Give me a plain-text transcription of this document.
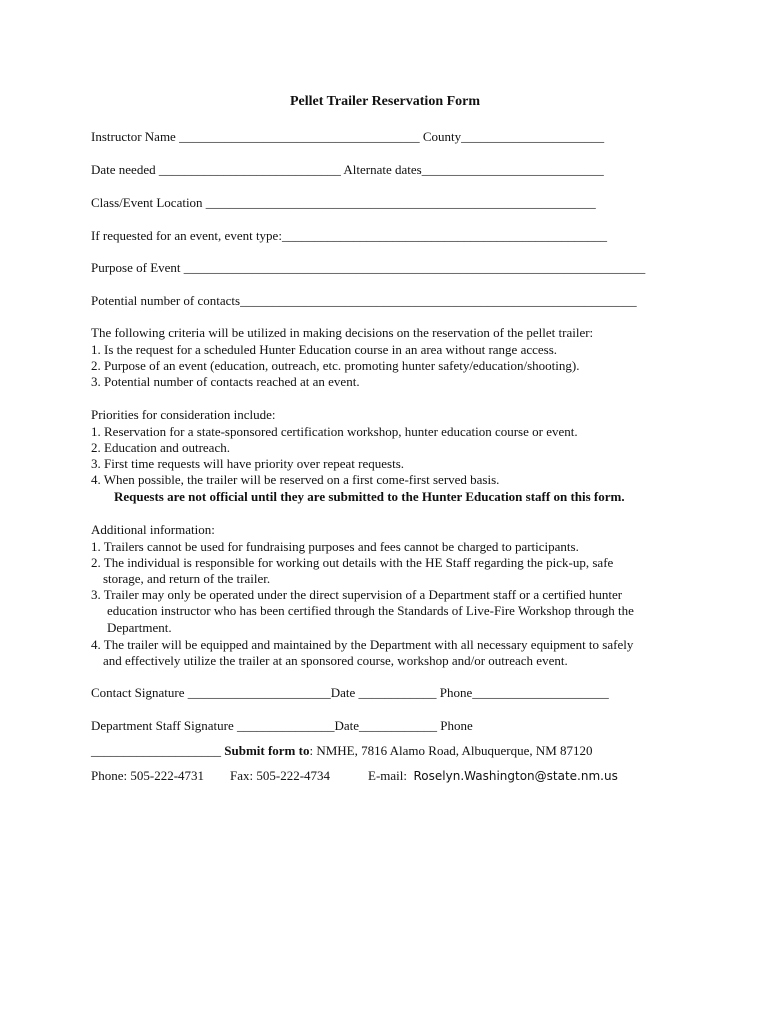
Pellet Trailer Reservation Form
Instructor Name _____________________________________ County______________________
Date needed ____________________________ Alternate dates____________________________
Class/Event Location ____________________________________________________________
If requested for an event, event type:__________________________________________________
Purpose of Event _______________________________________________________________________
Potential number of contacts_____________________________________________________________
The following criteria will be utilized in making decisions on the reservation of the pellet trailer:
1. Is the request for a scheduled Hunter Education course in an area without range access.
2. Purpose of an event (education, outreach, etc. promoting hunter safety/education/shooting).
3. Potential number of contacts reached at an event.
Priorities for consideration include:
1. Reservation for a state-sponsored certification workshop, hunter education course or event.
2. Education and outreach.
3. First time requests will have priority over repeat requests.
4. When possible, the trailer will be reserved on a first come-first served basis.
Requests are not official until they are submitted to the Hunter Education staff on this form.
Additional information:
1. Trailers cannot be used for fundraising purposes and fees cannot be charged to participants.
2. The individual is responsible for working out details with the HE Staff regarding the pick-up, safe
storage, and return of the trailer.
3. Trailer may only be operated under the direct supervision of a Department staff or a certified hunter
education instructor who has been certified through the Standards of Live-Fire Workshop through the
Department.
4. The trailer will be equipped and maintained by the Department with all necessary equipment to safely
and effectively utilize the trailer at an sponsored course, workshop and/or outreach event.
Contact Signature ______________________Date ____________ Phone_____________________
Department Staff Signature _______________Date____________ Phone
____________________ Submit form to: NMHE, 7816 Alamo Road, Albuquerque, NM 87120
Phone: 505-222-4731 Fax: 505-222-4734	E-mail: Roselyn.Washington@state.nm.us
